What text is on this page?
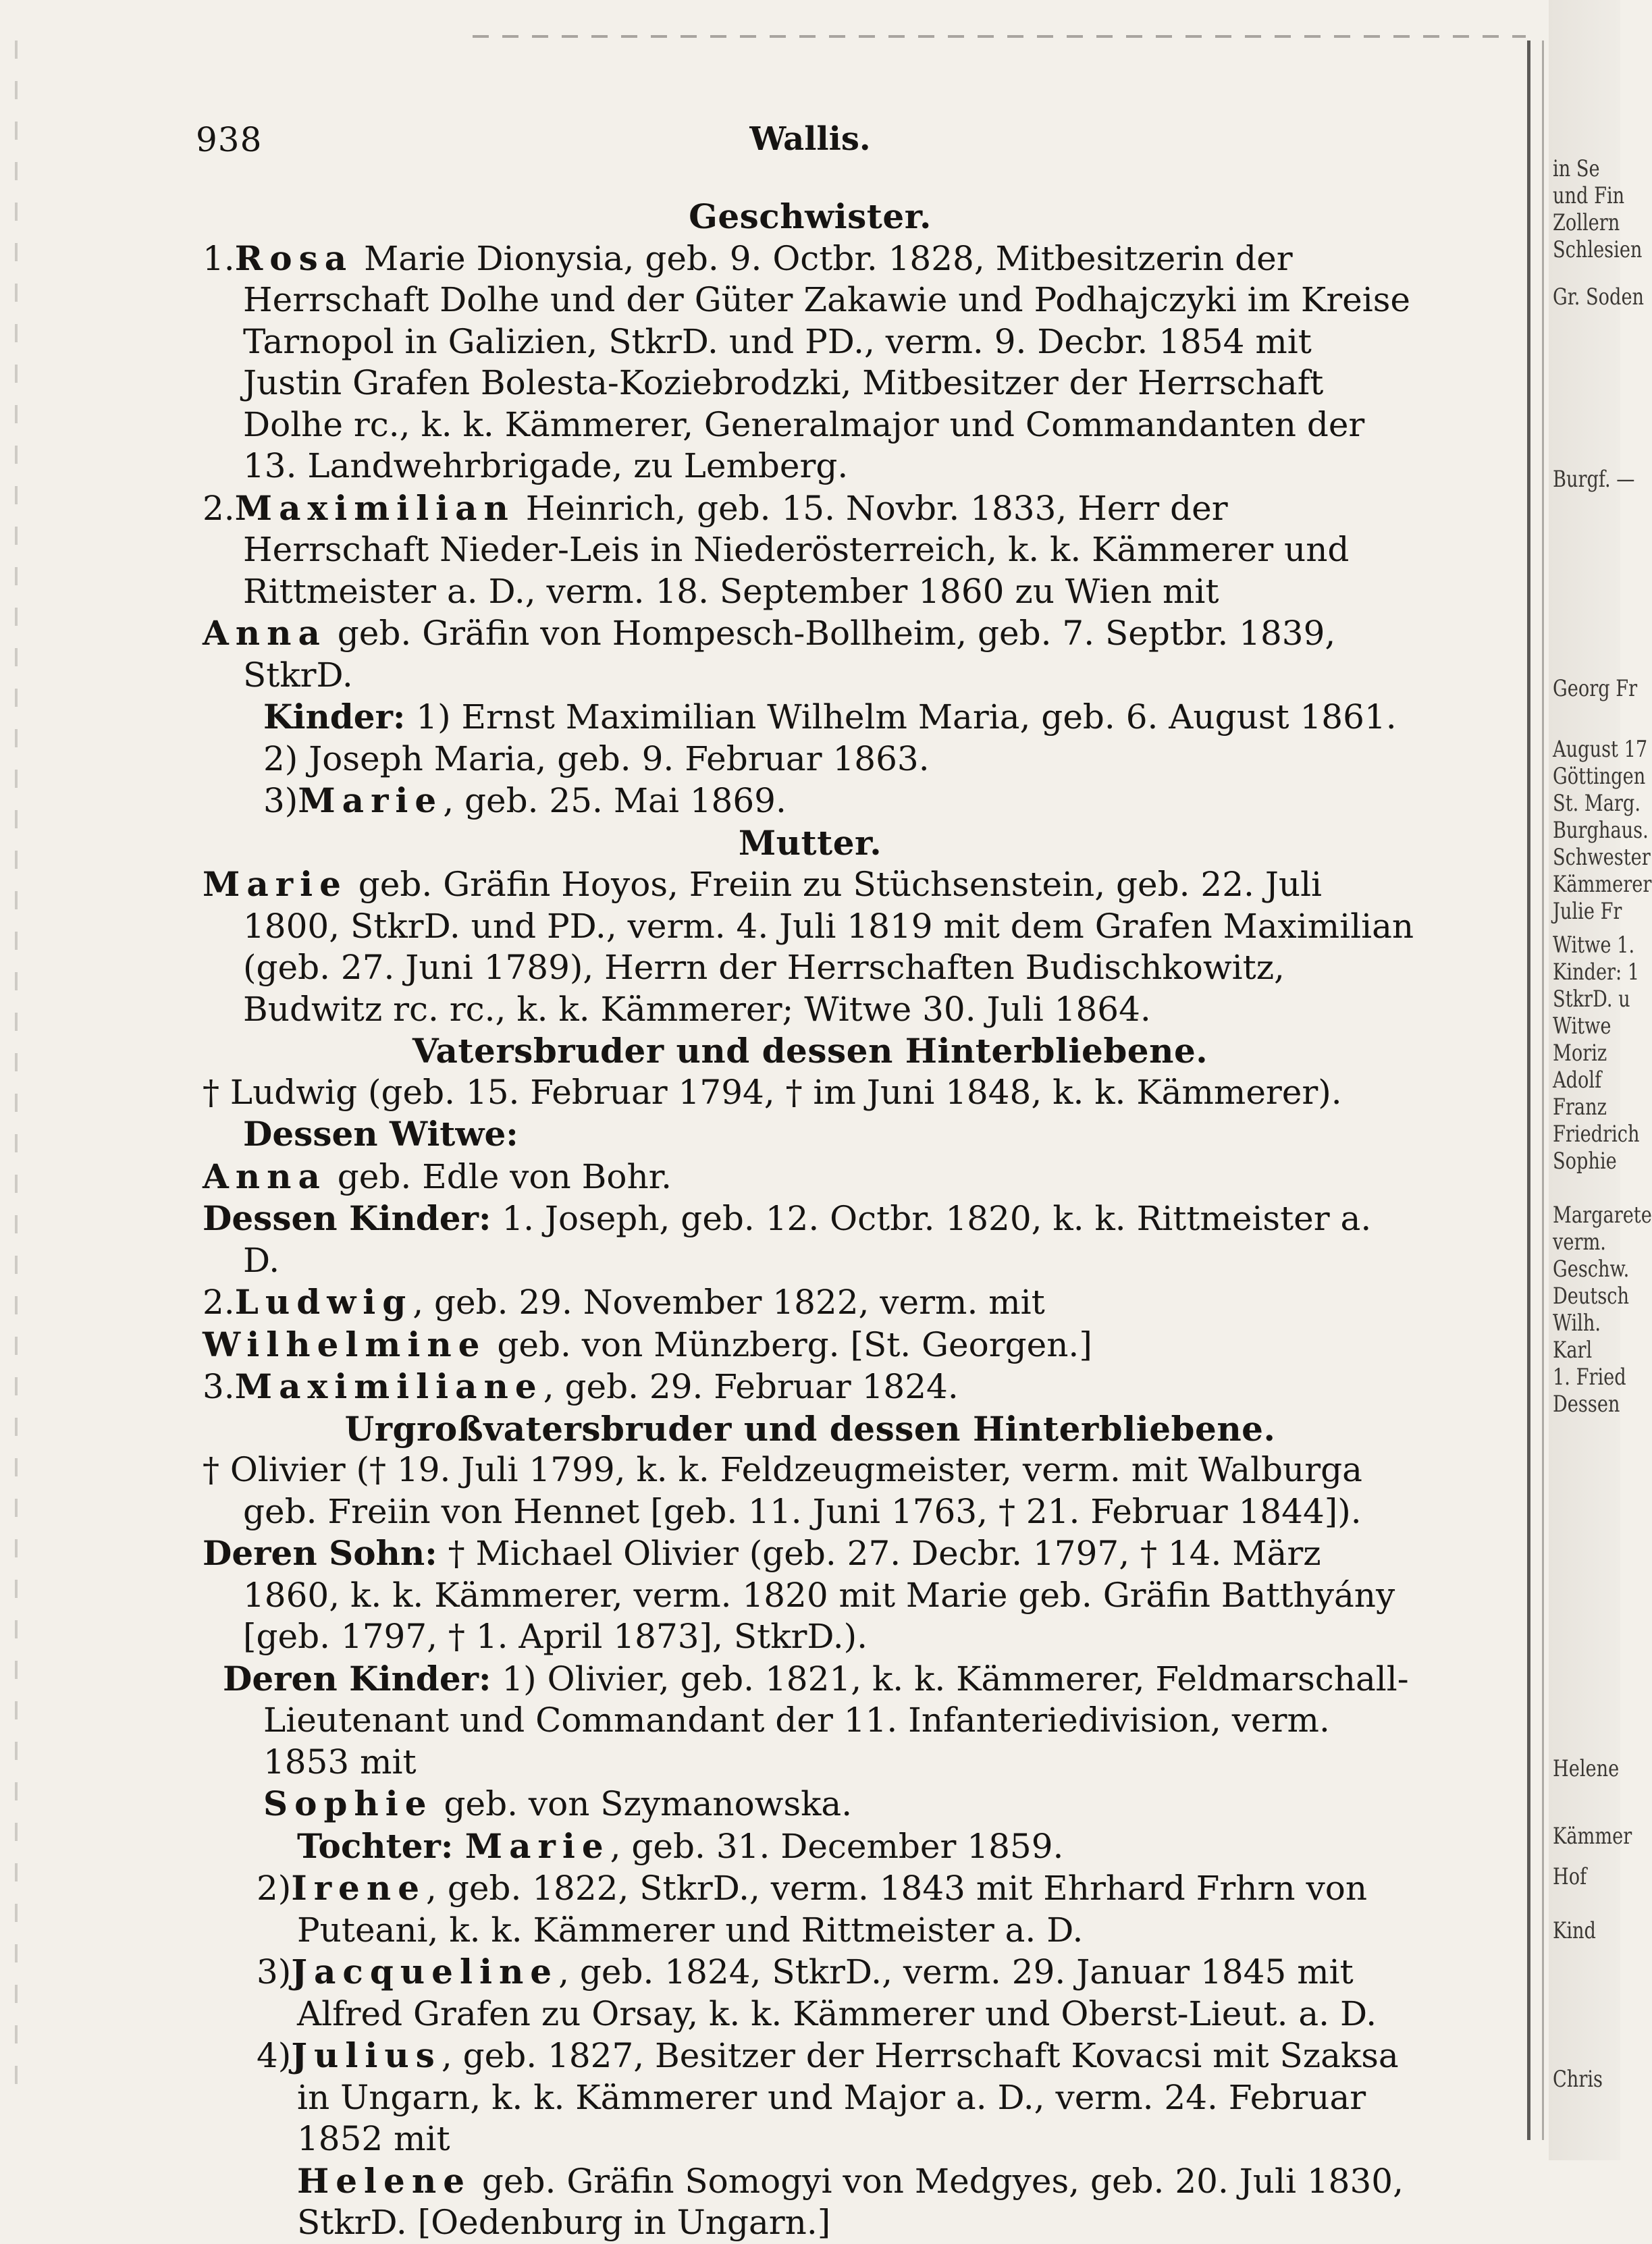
938	Wallis.

Geschwister.

1.Rosa Marie Dionysia, geb. 9. Octbr. 1828, Mitbesitzerin der Herrschaft Dolhe und der Güter Zakawie und Podhajczyki im Kreise Tarnopol in Galizien, StkrD. und PD., verm. 9. Decbr. 1854 mit Justin Grafen Bolesta-Koziebrodzki, Mitbesitzer der Herrschaft Dolhe rc., k. k. Kämmerer, Generalmajor und Commandanten der 13. Landwehrbrigade, zu Lemberg.

2.Maximilian Heinrich, geb. 15. Novbr. 1833, Herr der Herrschaft Nieder-Leis in Niederösterreich, k. k. Kämmerer und Rittmeister a. D., verm. 18. September 1860 zu Wien mit

Anna geb. Gräfin von Hompesch-Bollheim, geb. 7. Septbr. 1839, StkrD.

Kinder: 1) Ernst Maximilian Wilhelm Maria, geb. 6. August 1861.

2) Joseph Maria, geb. 9. Februar 1863.

3)Marie, geb. 25. Mai 1869.

Mutter.

Marie geb. Gräfin Hoyos, Freiin zu Stüchsenstein, geb. 22. Juli 1800, StkrD. und PD., verm. 4. Juli 1819 mit dem Grafen Maximilian (geb. 27. Juni 1789), Herrn der Herrschaften Budischkowitz, Budwitz rc. rc., k. k. Kämmerer; Witwe 30. Juli 1864.

Vatersbruder und dessen Hinterbliebene.

† Ludwig (geb. 15. Februar 1794, † im Juni 1848, k. k. Kämmerer).

Dessen Witwe:

Anna geb. Edle von Bohr.

Dessen Kinder: 1. Joseph, geb. 12. Octbr. 1820, k. k. Rittmeister a. D.

2.Ludwig, geb. 29. November 1822, verm. mit

Wilhelmine geb. von Münzberg. [St. Georgen.]

3.Maximiliane, geb. 29. Februar 1824.

Urgroßvatersbruder und dessen Hinterbliebene.

† Olivier († 19. Juli 1799, k. k. Feldzeugmeister, verm. mit Walburga geb. Freiin von Hennet [geb. 11. Juni 1763, † 21. Februar 1844]).

Deren Sohn: † Michael Olivier (geb. 27. Decbr. 1797, † 14. März 1860, k. k. Kämmerer, verm. 1820 mit Marie geb. Gräfin Batthyány [geb. 1797, † 1. April 1873], StkrD.).

Deren Kinder: 1) Olivier, geb. 1821, k. k. Kämmerer, Feldmarschall-Lieutenant und Commandant der 11. Infanteriedivision, verm. 1853 mit

Sophie geb. von Szymanowska.

Tochter: Marie, geb. 31. December 1859.

2)Irene, geb. 1822, StkrD., verm. 1843 mit Ehrhard Frhrn von Puteani, k. k. Kämmerer und Rittmeister a. D.

3)Jacqueline, geb. 1824, StkrD., verm. 29. Januar 1845 mit Alfred Grafen zu Orsay, k. k. Kämmerer und Oberst-Lieut. a. D.

4)Julius, geb. 1827, Besitzer der Herrschaft Kovacsi mit Szaksa in Ungarn, k. k. Kämmerer und Major a. D., verm. 24. Februar 1852 mit

Helene geb. Gräfin Somogyi von Medgyes, geb. 20. Juli 1830, StkrD. [Oedenburg in Ungarn.]

in Se
und Fin
Zollern
Schlesien
Gr. Soden
Burgf. —
Georg Fr
August 17
Göttingen
St. Marg.
Burghaus.
Schwester
Kämmerer
Julie Fr
Witwe 1.
Kinder: 1
StkrD. u
Witwe
Moriz
Adolf
Franz
Friedrich
Sophie
Margarete
verm.
Geschw.
Deutsch
Wilh.
Karl
1. Fried
Dessen
Helene
Kämmer
Hof
Kind
Chris
